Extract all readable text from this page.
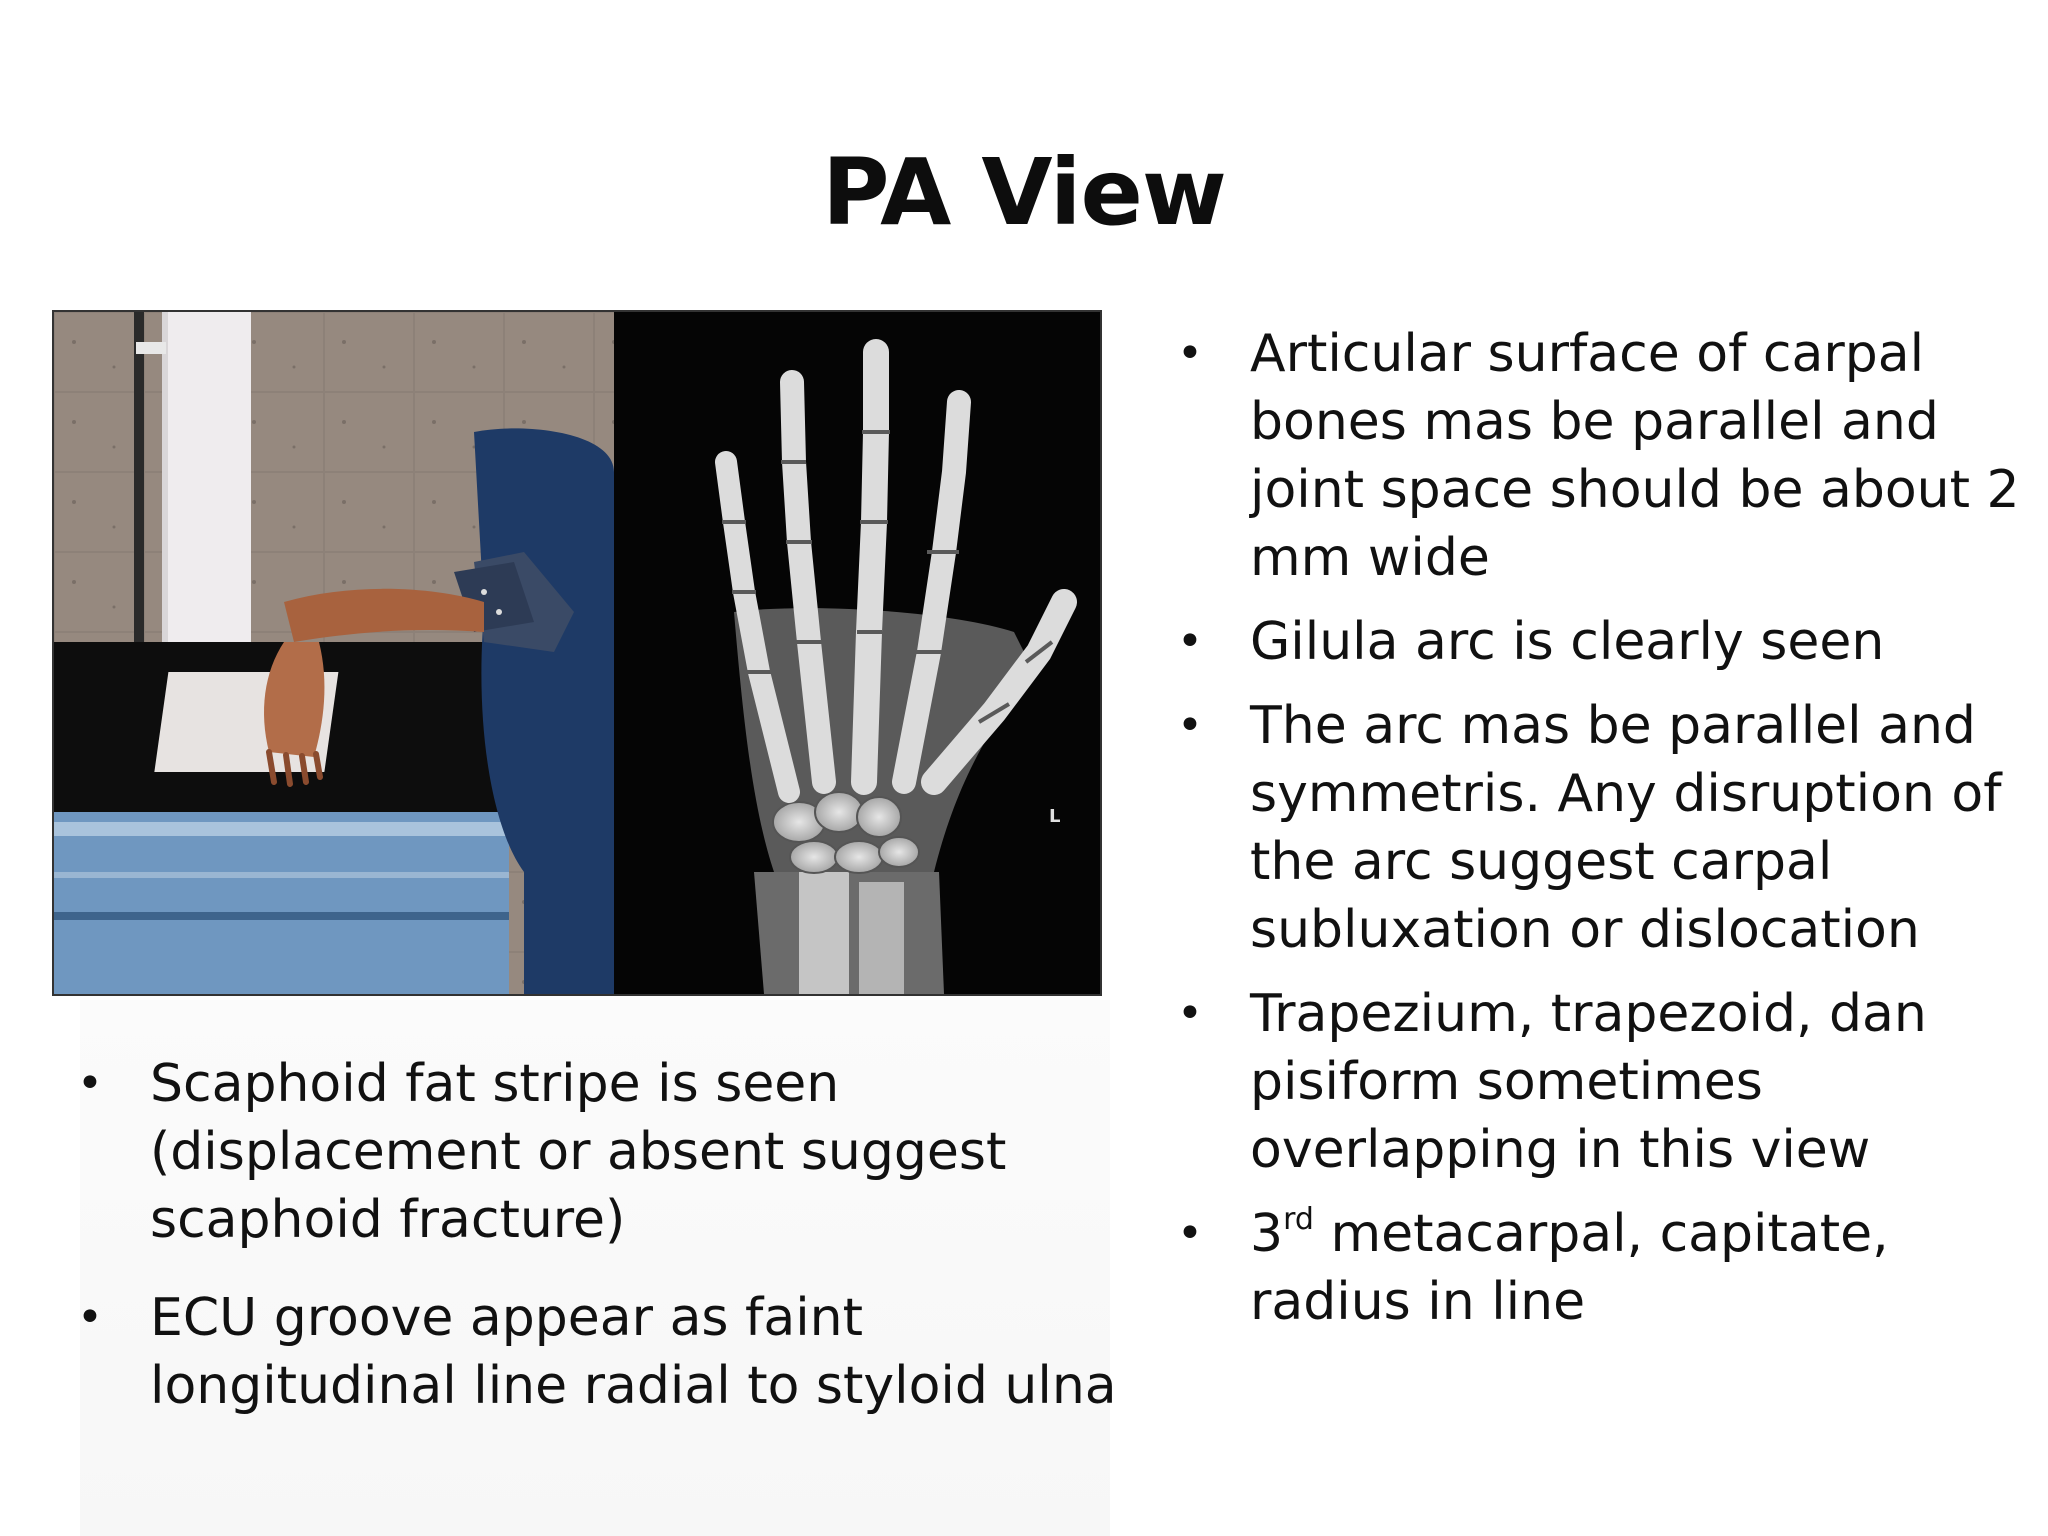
PA View
L
• Articular surface of carpal bones mas be parallel and joint space should be about 2 mm wide
• Gilula arc is clearly seen
• The arc mas be parallel and symmetris. Any disruption of the arc suggest carpal subluxation or dislocation
• Trapezium, trapezoid, dan pisiform sometimes overlapping in this view
• 3rd metacarpal, capitate, radius in line
• Scaphoid fat stripe is seen (displacement or absent suggest scaphoid fracture)
• ECU groove appear as faint longitudinal line radial to styloid ulna
